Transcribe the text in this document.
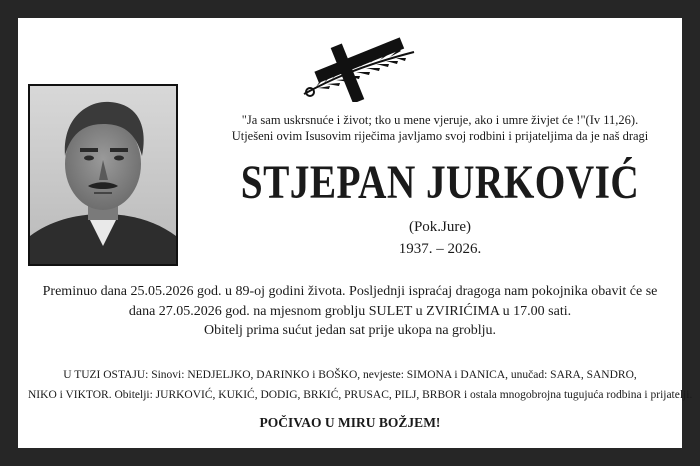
"Ja sam uskrsnuće i život; tko u mene vjeruje, ako i umre živjet će !"(Iv 11,26).
Utješeni ovim Isusovim riječima javljamo svoj rodbini i prijateljima da je naš dragi
STJEPAN JURKOVIĆ
(Pok.Jure)
1937. – 2026.
Preminuo dana 25.05.2026 god. u 89-oj godini života. Posljednji ispraćaj dragoga nam pokojnika obavit će se
dana 27.05.2026 god. na mjesnom groblju SULET u ZVIRIĆIMA u 17.00 sati.
Obitelj prima sućut jedan sat prije ukopa na groblju.
U TUZI OSTAJU: Sinovi: NEDJELJKO, DARINKO i BOŠKO, nevjeste: SIMONA i DANICA, unučad: SARA, SANDRO,
NIKO i VIKTOR. Obitelji: JURKOVIĆ, KUKIĆ, DODIG, BRKIĆ, PRUSAC, PILJ, BRBOR i ostala mnogobrojna tugujuća rodbina i prijatelji.
POČIVAO U MIRU BOŽJEM!
